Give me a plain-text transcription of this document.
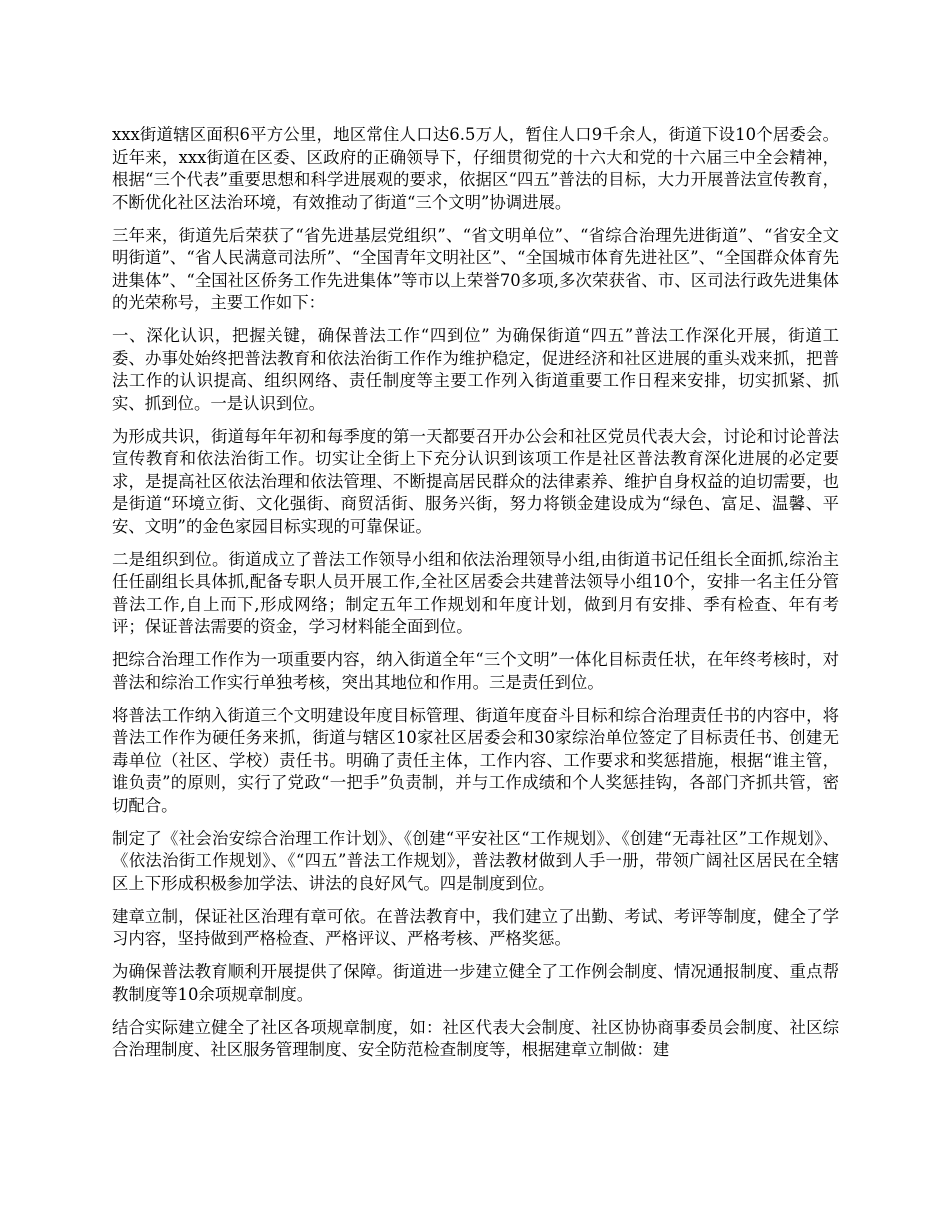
xxx街道辖区面积6平方公里，地区常住人口达6.5万人，暂住人口9千余人，街道下设10个居委会。近年来，xxx街道在区委、区政府的正确领导下，仔细贯彻党的十六大和党的十六届三中全会精神，根据“三个代表”重要思想和科学进展观的要求，依据区“四五”普法的目标，大力开展普法宣传教育，不断优化社区法治环境，有效推动了街道“三个文明”协调进展。

三年来，街道先后荣获了“省先进基层党组织”、“省文明单位”、“省综合治理先进街道”、“省安全文明街道”、“省人民满意司法所”、“全国青年文明社区”、“全国城市体育先进社区”、“全国群众体育先进集体”、“全国社区侨务工作先进集体”等市以上荣誉70多项,多次荣获省、市、区司法行政先进集体的光荣称号，主要工作如下：

一、深化认识，把握关键，确保普法工作“四到位” 为确保街道“四五”普法工作深化开展，街道工委、办事处始终把普法教育和依法治街工作作为维护稳定，促进经济和社区进展的重头戏来抓，把普法工作的认识提高、组织网络、责任制度等主要工作列入街道重要工作日程来安排，切实抓紧、抓实、抓到位。一是认识到位。

为形成共识，街道每年年初和每季度的第一天都要召开办公会和社区党员代表大会，讨论和讨论普法宣传教育和依法治街工作。切实让全街上下充分认识到该项工作是社区普法教育深化进展的必定要求，是提高社区依法治理和依法管理、不断提高居民群众的法律素养、维护自身权益的迫切需要，也是街道“环境立街、文化强街、商贸活街、服务兴街，努力将锁金建设成为“绿色、富足、温馨、平安、文明”的金色家园目标实现的可靠保证。

二是组织到位。街道成立了普法工作领导小组和依法治理领导小组,由街道书记任组长全面抓,综治主任任副组长具体抓,配备专职人员开展工作,全社区居委会共建普法领导小组10个，安排一名主任分管普法工作,自上而下,形成网络；制定五年工作规划和年度计划，做到月有安排、季有检查、年有考评；保证普法需要的资金，学习材料能全面到位。

把综合治理工作作为一项重要内容，纳入街道全年“三个文明”一体化目标责任状，在年终考核时，对普法和综治工作实行单独考核，突出其地位和作用。三是责任到位。

将普法工作纳入街道三个文明建设年度目标管理、街道年度奋斗目标和综合治理责任书的内容中，将普法工作作为硬任务来抓，街道与辖区10家社区居委会和30家综治单位签定了目标责任书、创建无毒单位（社区、学校）责任书。明确了责任主体，工作内容、工作要求和奖惩措施，根据“谁主管，谁负责”的原则，实行了党政“一把手”负责制，并与工作成绩和个人奖惩挂钩，各部门齐抓共管，密切配合。

制定了《社会治安综合治理工作计划》、《创建“平安社区“工作规划》、《创建“无毒社区”工作规划》、《依法治街工作规划》、《“四五”普法工作规划》，普法教材做到人手一册，带领广阔社区居民在全辖区上下形成积极参加学法、讲法的良好风气。四是制度到位。

建章立制，保证社区治理有章可依。在普法教育中，我们建立了出勤、考试、考评等制度，健全了学习内容，坚持做到严格检查、严格评议、严格考核、严格奖惩。

为确保普法教育顺利开展提供了保障。街道进一步建立健全了工作例会制度、情况通报制度、重点帮教制度等10余项规章制度。

结合实际建立健全了社区各项规章制度，如：社区代表大会制度、社区协协商事委员会制度、社区综合治理制度、社区服务管理制度、安全防范检查制度等，根据建章立制做：建
